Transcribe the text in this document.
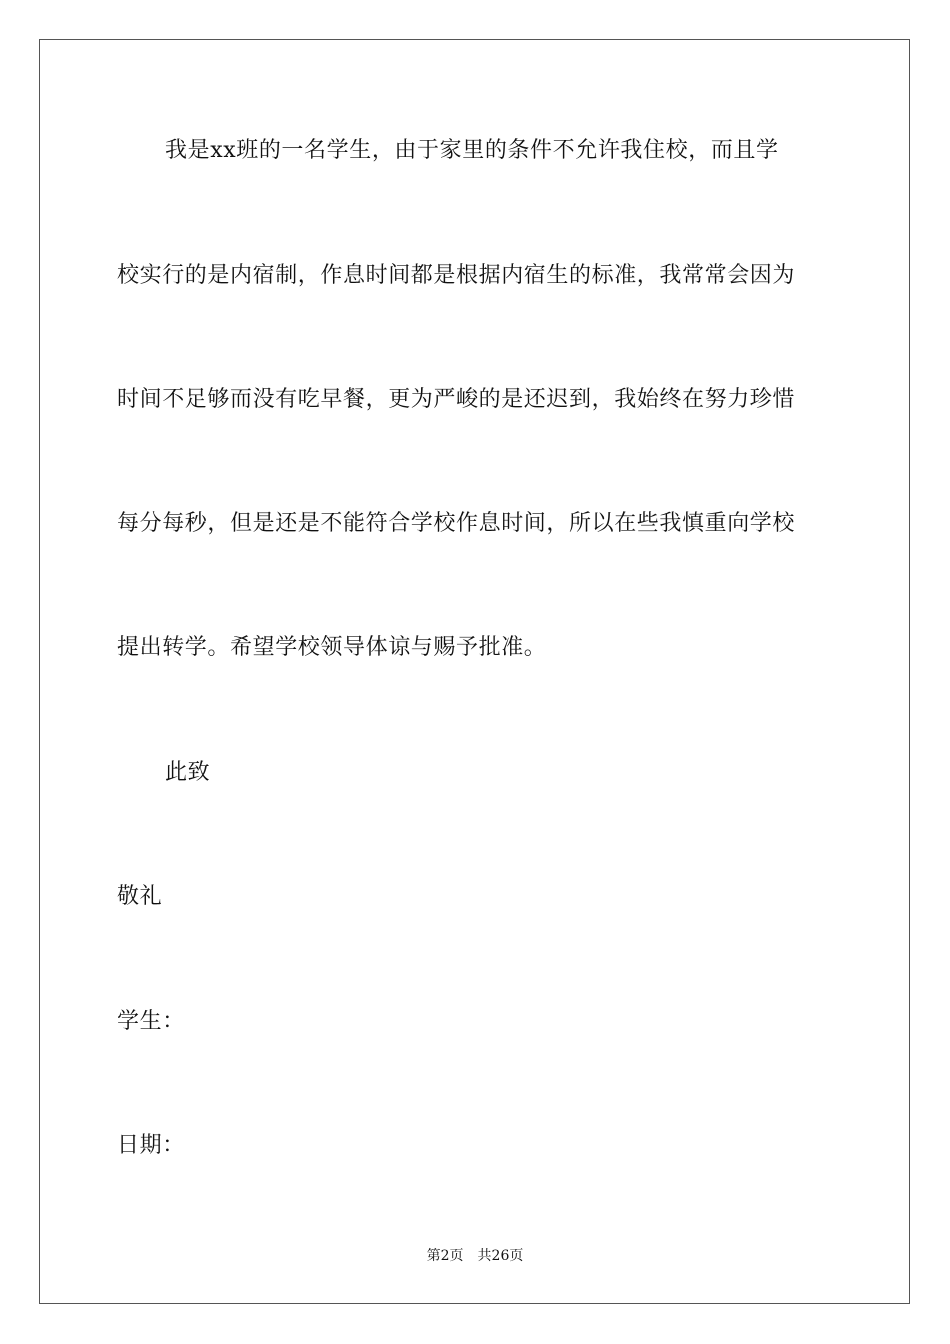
我是xx班的一名学生，由于家里的条件不允许我住校，而且学
校实行的是内宿制，作息时间都是根据内宿生的标准，我常常会因为
时间不足够而没有吃早餐，更为严峻的是还迟到，我始终在努力珍惜
每分每秒，但是还是不能符合学校作息时间，所以在些我慎重向学校
提出转学。希望学校领导体谅与赐予批准。
此致
敬礼
学生：
日期：
第2页 共26页
